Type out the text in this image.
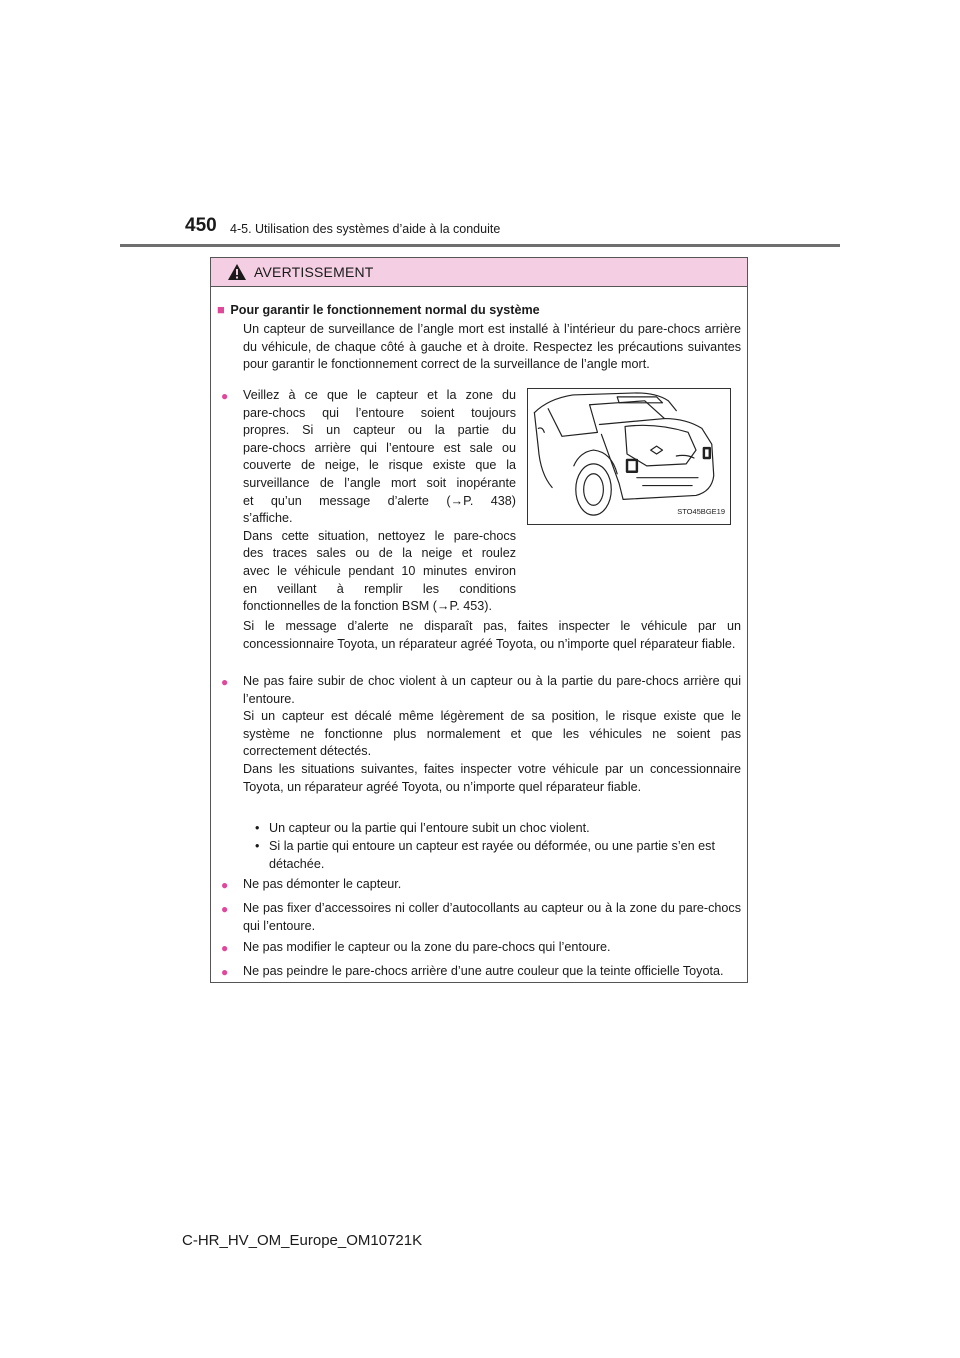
450 4-5. Utilisation des systèmes d’aide à la conduite
AVERTISSEMENT
■ Pour garantir le fonctionnement normal du système
Un capteur de surveillance de l’angle mort est installé à l’intérieur du pare-chocs arrière du véhicule, de chaque côté à gauche et à droite. Respectez les précautions suivantes pour garantir le fonctionnement correct de la surveillance de l’angle mort.
● Veillez à ce que le capteur et la zone du
pare-chocs qui l’entoure soient toujours
propres. Si un capteur ou la partie du
pare-chocs arrière qui l’entoure est sale ou
couverte de neige, le risque existe que la
surveillance de l’angle mort soit inopérante
et qu’un message d’alerte (→P. 438)
s’affiche.
Dans cette situation, nettoyez le pare-chocs
des traces sales ou de la neige et roulez
avec le véhicule pendant 10 minutes environ
en veillant à remplir les conditions
fonctionnelles de la fonction BSM (→P. 453).
STO45BGE19
Si le message d’alerte ne disparaît pas, faites inspecter le véhicule par un concessionnaire Toyota, un réparateur agréé Toyota, ou n’importe quel réparateur fiable.
● Ne pas faire subir de choc violent à un capteur ou à la partie du pare-chocs arrière qui l’entoure.
Si un capteur est décalé même légèrement de sa position, le risque existe que le système ne fonctionne plus normalement et que les véhicules ne soient pas correctement détectés.
Dans les situations suivantes, faites inspecter votre véhicule par un concessionnaire Toyota, un réparateur agréé Toyota, ou n’importe quel réparateur fiable.
• Un capteur ou la partie qui l’entoure subit un choc violent.
• Si la partie qui entoure un capteur est rayée ou déformée, ou une partie s’en est détachée.
● Ne pas démonter le capteur.
● Ne pas fixer d’accessoires ni coller d’autocollants au capteur ou à la zone du pare-chocs qui l’entoure.
● Ne pas modifier le capteur ou la zone du pare-chocs qui l’entoure.
● Ne pas peindre le pare-chocs arrière d’une autre couleur que la teinte officielle Toyota.
C-HR_HV_OM_Europe_OM10721K
